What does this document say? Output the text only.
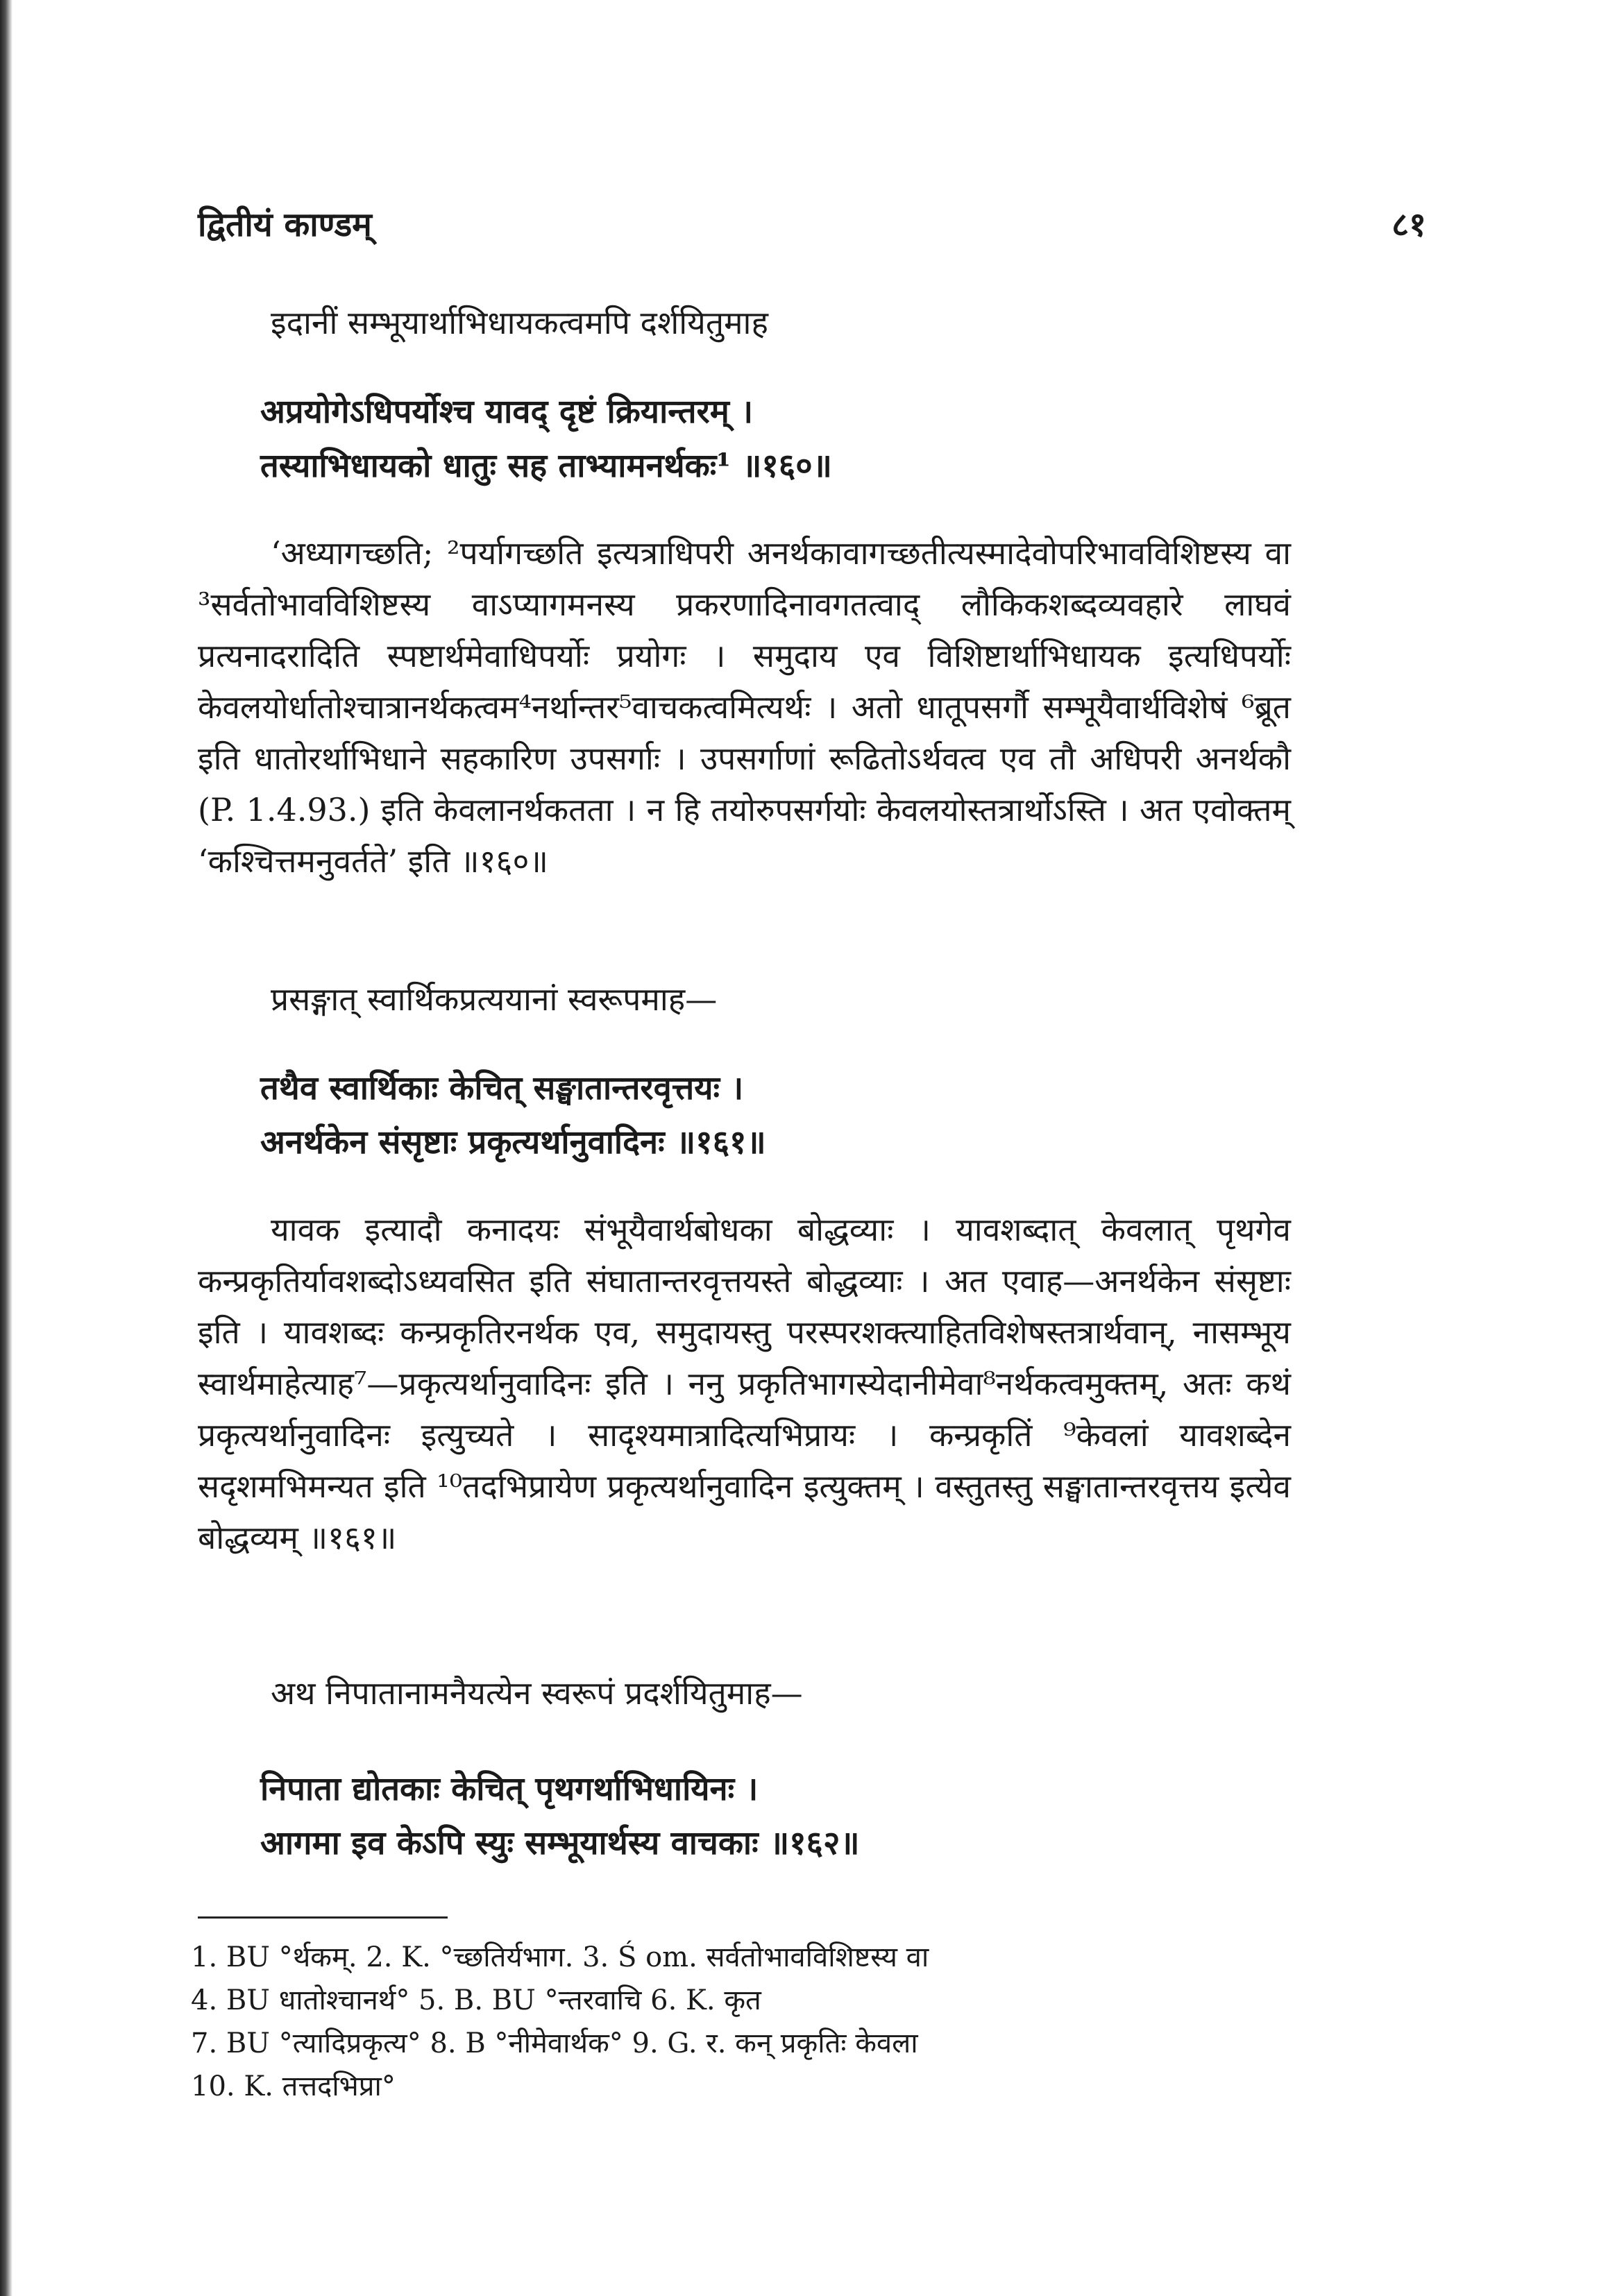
द्वितीयं काण्डम्	८१
इदानीं सम्भूयार्थाभिधायकत्वमपि दर्शयितुमाह
अप्रयोगेऽधिपर्योश्च यावद् दृष्टं क्रियान्तरम् ।
तस्याभिधायको धातुः सह ताभ्यामनर्थकः¹ ॥१६०॥

‘अध्यागच्छति; ²पर्यागच्छति इत्यत्राधिपरी अनर्थकावागच्छतीत्यस्मादेवोपरिभावविशिष्टस्य वा ³सर्वतोभावविशिष्टस्य वाऽप्यागमनस्य प्रकरणादिनावगतत्वाद् लौकिकशब्दव्यवहारे लाघवं प्रत्यनादरादिति स्पष्टार्थमेवाधिपर्योः प्रयोगः । समुदाय एव विशिष्टार्थाभिधायक इत्यधिपर्योः केवलयोर्धातोश्चात्रानर्थकत्वम⁴नर्थान्तर⁵वाचकत्वमित्यर्थः । अतो धातूपसर्गौ सम्भूयैवार्थविशेषं ⁶ब्रूत इति धातोरर्थाभिधाने सहकारिण उपसर्गाः । उपसर्गाणां रूढितोऽर्थवत्व एव तौ अधिपरी अनर्थकौ (P. 1.4.93.) इति केवलानर्थकतता । न हि तयोरुपसर्गयोः केवलयोस्तत्रार्थोऽस्ति । अत एवोक्तम् ‘कश्चित्तमनुवर्तते’ इति ॥१६०॥

प्रसङ्गात् स्वार्थिकप्रत्ययानां स्वरूपमाह—
तथैव स्वार्थिकाः केचित् सङ्घातान्तरवृत्तयः ।
अनर्थकेन संसृष्टाः प्रकृत्यर्थानुवादिनः ॥१६१॥

यावक इत्यादौ कनादयः संभूयैवार्थबोधका बोद्धव्याः । यावशब्दात् केवलात् पृथगेव कन्प्रकृतिर्यावशब्दोऽध्यवसित इति संघातान्तरवृत्तयस्ते बोद्धव्याः । अत एवाह—अनर्थकेन संसृष्टाः इति । यावशब्दः कन्प्रकृतिरनर्थक एव, समुदायस्तु परस्परशक्त्याहितविशेषस्तत्रार्थवान्, नासम्भूय स्वार्थमाहेत्याह⁷—प्रकृत्यर्थानुवादिनः इति । ननु प्रकृतिभागस्येदानीमेवा⁸नर्थकत्वमुक्तम्, अतः कथं प्रकृत्यर्थानुवादिनः इत्युच्यते । सादृश्यमात्रादित्यभिप्रायः । कन्प्रकृतिं ⁹केवलां यावशब्देन सदृशमभिमन्यत इति ¹⁰तदभिप्रायेण प्रकृत्यर्थानुवादिन इत्युक्तम् । वस्तुतस्तु सङ्घातान्तरवृत्तय इत्येव बोद्धव्यम् ॥१६१॥

अथ निपातानामनैयत्येन स्वरूपं प्रदर्शयितुमाह—
निपाता द्योतकाः केचित् पृथगर्थाभिधायिनः ।
आगमा इव केऽपि स्युः सम्भूयार्थस्य वाचकाः ॥१६२॥
1. BU °र्थकम्. 2. K. °च्छतिर्यभाग. 3. Ś om. सर्वतोभावविशिष्टस्य वा
4. BU धातोश्चानर्थ° 5. B. BU °न्तरवाचि 6. K. कृत
7. BU °त्यादिप्रकृत्य° 8. B °नीमेवार्थक° 9. G. र. कन् प्रकृतिः केवला
10. K. तत्तदभिप्रा°
